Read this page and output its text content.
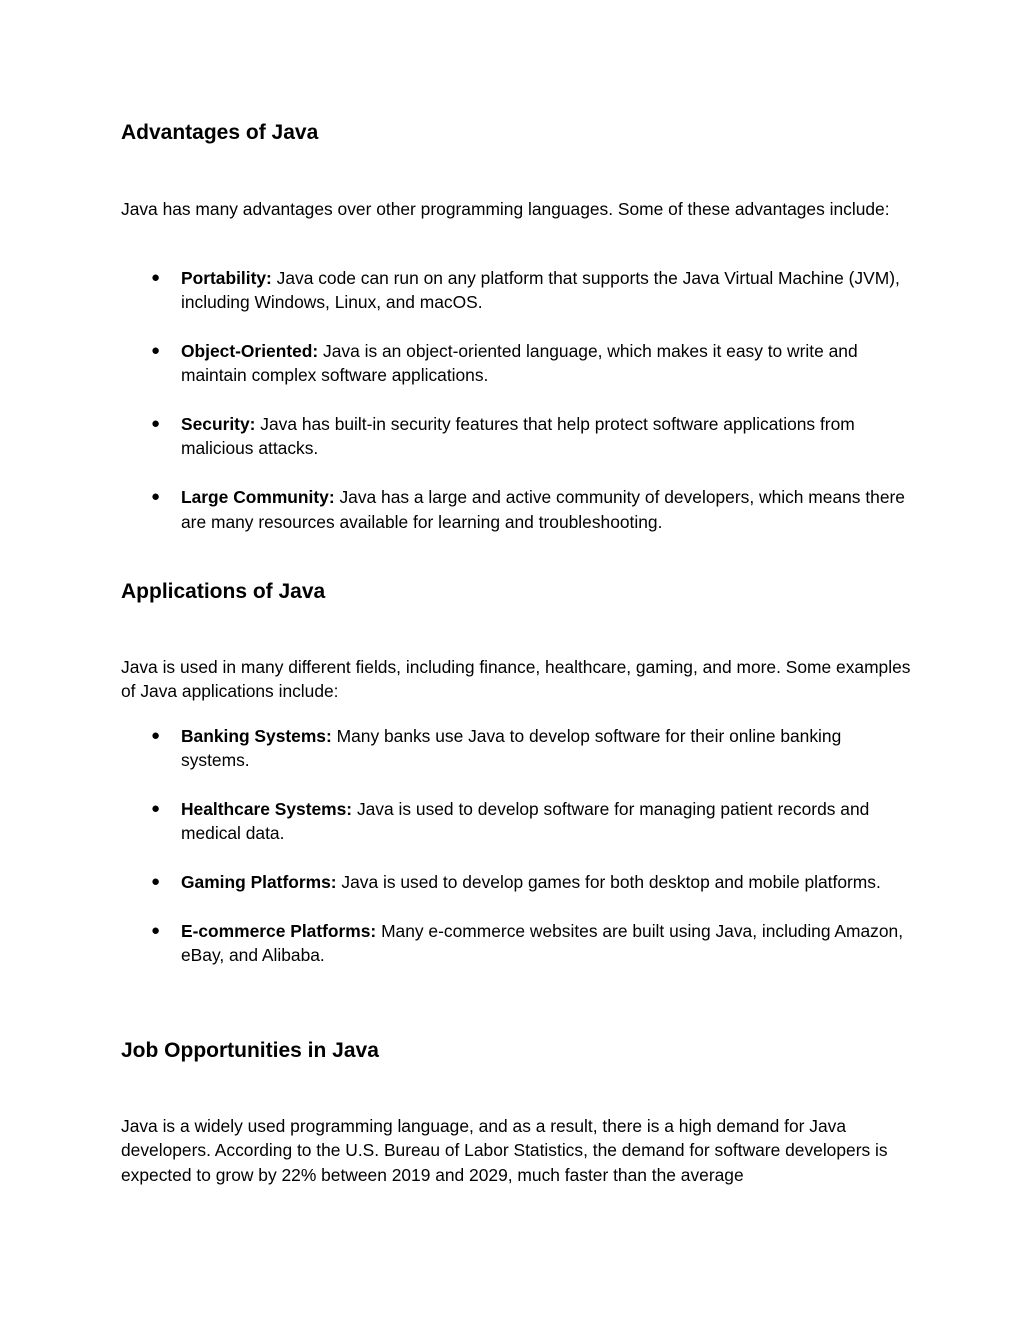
Advantages of Java

Java has many advantages over other programming languages. Some of these advantages include:

● Portability: Java code can run on any platform that supports the Java Virtual Machine (JVM), including Windows, Linux, and macOS.
● Object-Oriented: Java is an object-oriented language, which makes it easy to write and maintain complex software applications.
● Security: Java has built-in security features that help protect software applications from malicious attacks.
● Large Community: Java has a large and active community of developers, which means there are many resources available for learning and troubleshooting.
Applications of Java

Java is used in many different fields, including finance, healthcare, gaming, and more. Some examples of Java applications include:

● Banking Systems: Many banks use Java to develop software for their online banking systems.
● Healthcare Systems: Java is used to develop software for managing patient records and medical data.
● Gaming Platforms: Java is used to develop games for both desktop and mobile platforms.
● E-commerce Platforms: Many e-commerce websites are built using Java, including Amazon, eBay, and Alibaba.
Job Opportunities in Java

Java is a widely used programming language, and as a result, there is a high demand for Java developers. According to the U.S. Bureau of Labor Statistics, the demand for software developers is expected to grow by 22% between 2019 and 2029, much faster than the average
